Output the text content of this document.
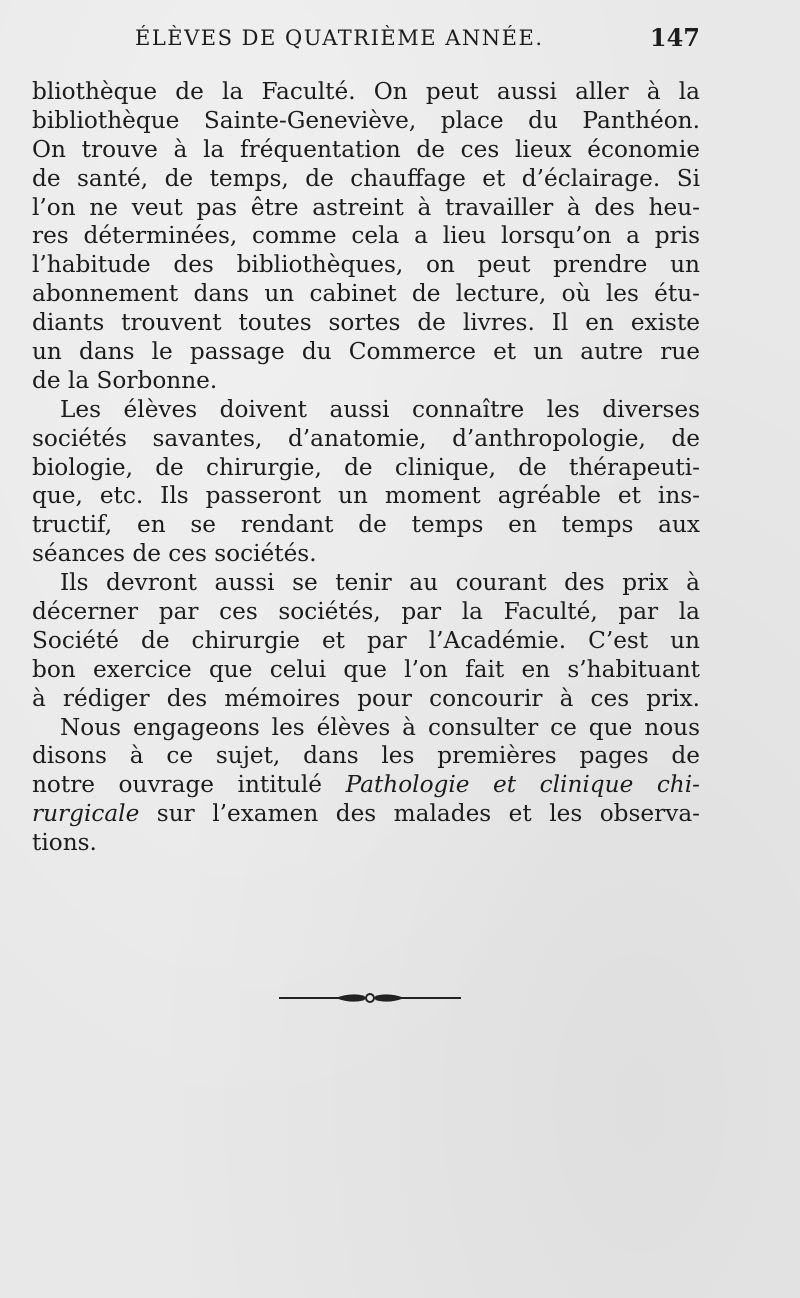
ÉLÈVES DE QUATRIÈME ANNÉE.	147
bliothèque de la Faculté. On peut aussi aller à la
bibliothèque Sainte-Geneviève, place du Panthéon.
On trouve à la fréquentation de ces lieux économie
de santé, de temps, de chauffage et d’éclairage. Si
l’on ne veut pas être astreint à travailler à des heu-
res déterminées, comme cela a lieu lorsqu’on a pris
l’habitude des bibliothèques, on peut prendre un
abonnement dans un cabinet de lecture, où les étu-
diants trouvent toutes sortes de livres. Il en existe
un dans le passage du Commerce et un autre rue
de la Sorbonne.
Les élèves doivent aussi connaître les diverses
sociétés savantes, d’anatomie, d’anthropologie, de
biologie, de chirurgie, de clinique, de thérapeuti-
que, etc. Ils passeront un moment agréable et ins-
tructif, en se rendant de temps en temps aux
séances de ces sociétés.
Ils devront aussi se tenir au courant des prix à
décerner par ces sociétés, par la Faculté, par la
Société de chirurgie et par l’Académie. C’est un
bon exercice que celui que l’on fait en s’habituant
à rédiger des mémoires pour concourir à ces prix.
Nous engageons les élèves à consulter ce que nous
disons à ce sujet, dans les premières pages de
notre ouvrage intitulé Pathologie et clinique chi-
rurgicale sur l’examen des malades et les observa-
tions.
